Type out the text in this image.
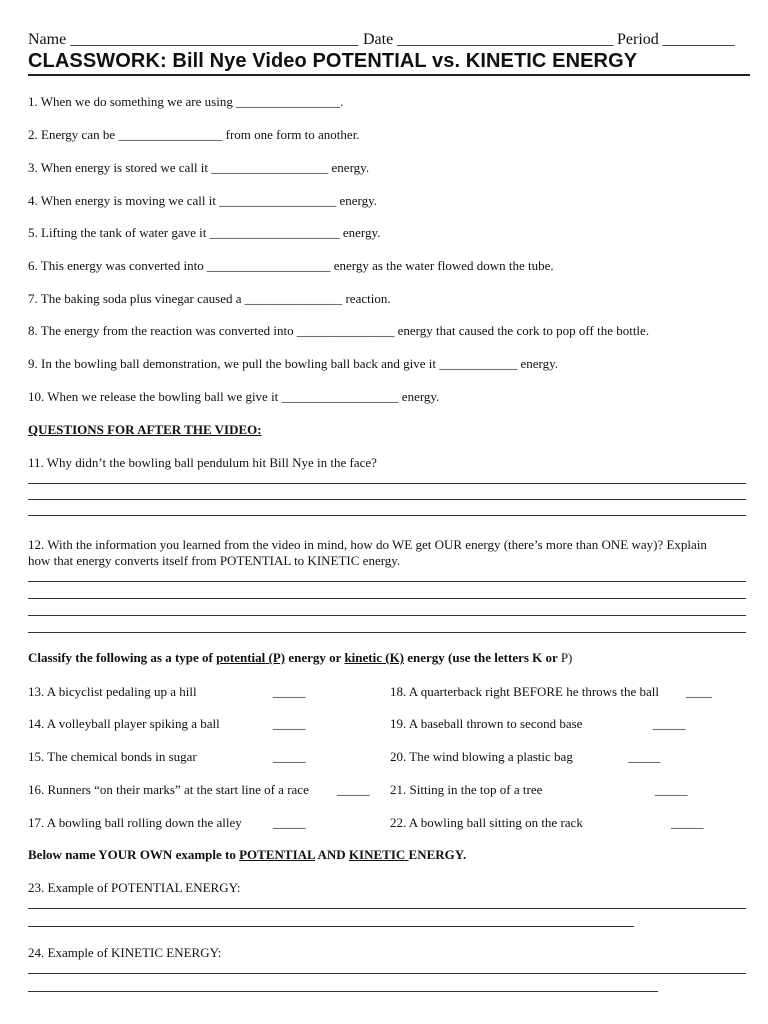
Name ____________________________________ Date ___________________________ Period _________
CLASSWORK: Bill Nye Video POTENTIAL vs. KINETIC ENERGY
1. When we do something we are using ________________.
2. Energy can be ________________ from one form to another.
3. When energy is stored we call it __________________ energy.
4. When energy is moving we call it __________________ energy.
5. Lifting the tank of water gave it ____________________ energy.
6. This energy was converted into ___________________ energy as the water flowed down the tube.
7. The baking soda plus vinegar caused a _______________ reaction.
8. The energy from the reaction was converted into _______________ energy that caused the cork to pop off the bottle.
9. In the bowling ball demonstration, we pull the bowling ball back and give it ____________ energy.
10. When we release the bowling ball we give it __________________ energy.
QUESTIONS FOR AFTER THE VIDEO:
11. Why didn’t the bowling ball pendulum hit Bill Nye in the face?
12. With the information you learned from the video in mind, how do WE get OUR energy (there’s more than ONE way)? Explain
how that energy converts itself from POTENTIAL to KINETIC energy.
Classify the following as a type of potential (P) energy or kinetic (K) energy (use the letters K or P)
13. A bicyclist pedaling up a hill	_____
14. A volleyball player spiking a ball	_____
15. The chemical bonds in sugar	_____
16. Runners “on their marks” at the start line of a race _____
17. A bowling ball rolling down the alley _____
18. A quarterback right BEFORE he throws the ball ____
19. A baseball thrown to second base	_____
20. The wind blowing a plastic bag	_____
21. Sitting in the top of a tree	_____
22. A bowling ball sitting on the rack	_____
Below name YOUR OWN example to POTENTIAL AND KINETIC ENERGY.
23. Example of POTENTIAL ENERGY:
24. Example of KINETIC ENERGY:
